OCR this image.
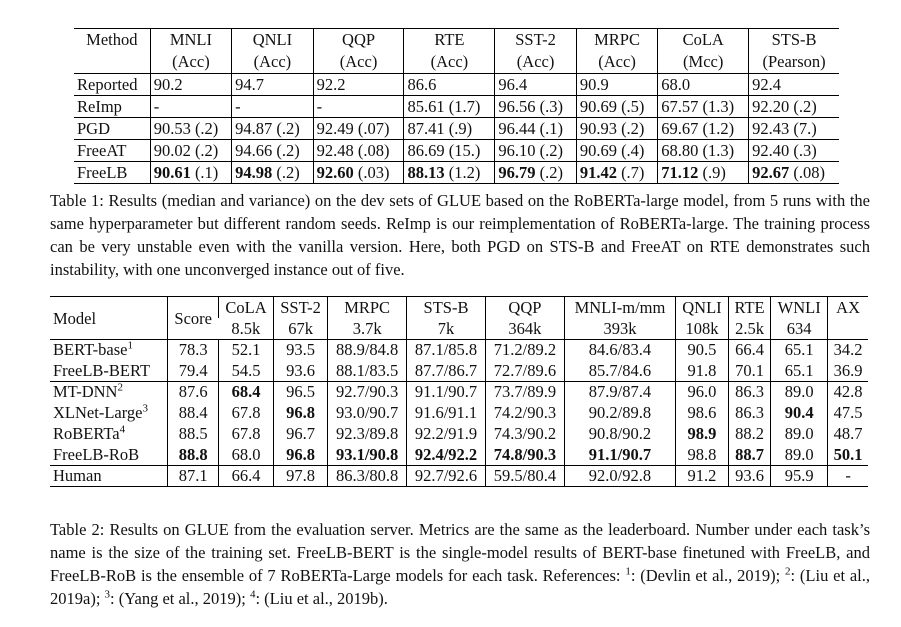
Method	MNLI	QNLI	QQP	RTE	SST-2	MRPC	CoLA	STS-B
	(Acc)	(Acc)	(Acc)	(Acc)	(Acc)	(Acc)	(Mcc)	(Pearson)
Reported	90.2	94.7	92.2	86.6	96.4	90.9	68.0	92.4
ReImp	-	-	-	85.61 (1.7)	96.56 (.3)	90.69 (.5)	67.57 (1.3)	92.20 (.2)
PGD	90.53 (.2)	94.87 (.2)	92.49 (.07)	87.41 (.9)	96.44 (.1)	90.93 (.2)	69.67 (1.2)	92.43 (7.)
FreeAT	90.02 (.2)	94.66 (.2)	92.48 (.08)	86.69 (15.)	96.10 (.2)	90.69 (.4)	68.80 (1.3)	92.40 (.3)
FreeLB	90.61 (.1)	94.98 (.2)	92.60 (.03)	88.13 (1.2)	96.79 (.2)	91.42 (.7)	71.12 (.9)	92.67 (.08)
Table 1: Results (median and variance) on the dev sets of GLUE based on the RoBERTa-large model, from 5 runs with the same hyperparameter but different random seeds. ReImp is our reimplementation of RoBERTa-large. The training process can be very unstable even with the vanilla version. Here, both PGD on STS-B and FreeAT on RTE demonstrates such instability, with one unconverged instance out of five.
Model	Score	CoLA	SST-2	MRPC	STS-B	QQP	MNLI-m/mm	QNLI	RTE	WNLI	AX
		8.5k	67k	3.7k	7k	364k	393k	108k	2.5k	634	
BERT-base$^1$	78.3	52.1	93.5	88.9/84.8	87.1/85.8	71.2/89.2	84.6/83.4	90.5	66.4	65.1	34.2
FreeLB-BERT	79.4	54.5	93.6	88.1/83.5	87.7/86.7	72.7/89.6	85.7/84.6	91.8	70.1	65.1	36.9
MT-DNN$^2$	87.6	68.4	96.5	92.7/90.3	91.1/90.7	73.7/89.9	87.9/87.4	96.0	86.3	89.0	42.8
XLNet-Large$^3$	88.4	67.8	96.8	93.0/90.7	91.6/91.1	74.2/90.3	90.2/89.8	98.6	86.3	90.4	47.5
RoBERTa$^4$	88.5	67.8	96.7	92.3/89.8	92.2/91.9	74.3/90.2	90.8/90.2	98.9	88.2	89.0	48.7
FreeLB-RoB	88.8	68.0	96.8	93.1/90.8	92.4/92.2	74.8/90.3	91.1/90.7	98.8	88.7	89.0	50.1
Human	87.1	66.4	97.8	86.3/80.8	92.7/92.6	59.5/80.4	92.0/92.8	91.2	93.6	95.9	-
Table 2: Results on GLUE from the evaluation server. Metrics are the same as the leaderboard. Number under each task’s name is the size of the training set. FreeLB-BERT is the single-model results of BERT-base finetuned with FreeLB, and FreeLB-RoB is the ensemble of 7 RoBERTa-Large models for each task. References: $^1$: (Devlin et al., 2019); $^2$: (Liu et al., 2019a); $^3$: (Yang et al., 2019); $^4$: (Liu et al., 2019b).
